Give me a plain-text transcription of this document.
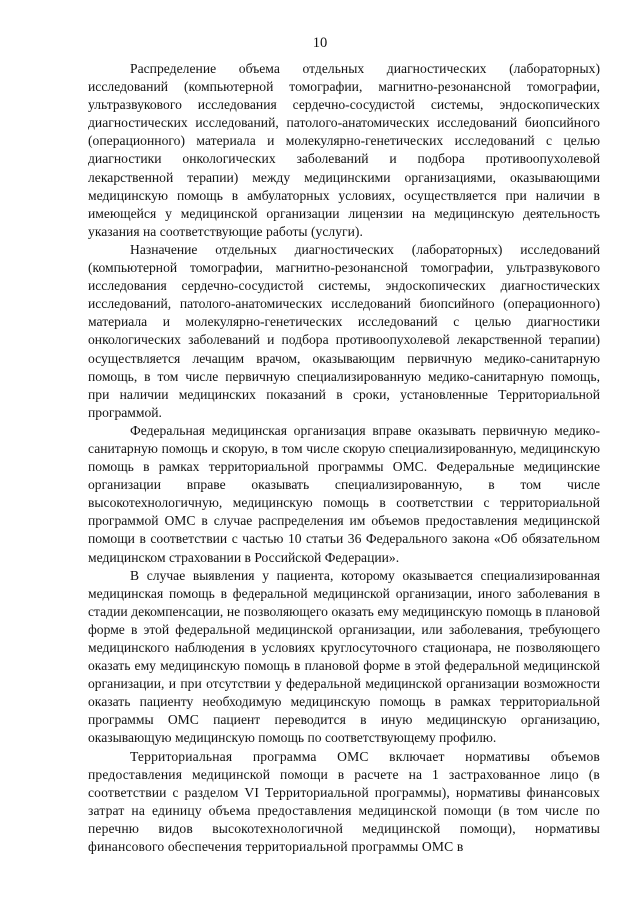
10

Распределение объема отдельных диагностических (лабораторных) исследований (компьютерной томографии, магнитно-резонансной томографии, ультразвукового исследования сердечно-сосудистой системы, эндоскопических диагностических исследований, патолого-анатомических исследований биопсийного (операционного) материала и молекулярно-генетических исследований с целью диагностики онкологических заболеваний и подбора противоопухолевой лекарственной терапии) между медицинскими организациями, оказывающими медицинскую помощь в амбулаторных условиях, осуществляется при наличии в имеющейся у медицинской организации лицензии на медицинскую деятельность указания на соответствующие работы (услуги).

Назначение отдельных диагностических (лабораторных) исследований (компьютерной томографии, магнитно-резонансной томографии, ультразвукового исследования сердечно-сосудистой системы, эндоскопических диагностических исследований, патолого-анатомических исследований биопсийного (операционного) материала и молекулярно-генетических исследований с целью диагностики онкологических заболеваний и подбора противоопухолевой лекарственной терапии) осуществляется лечащим врачом, оказывающим первичную медико-санитарную помощь, в том числе первичную специализированную медико-санитарную помощь, при наличии медицинских показаний в сроки, установленные Территориальной программой.

Федеральная медицинская организация вправе оказывать первичную медико-санитарную помощь и скорую, в том числе скорую специализированную, медицинскую помощь в рамках территориальной программы ОМС. Федеральные медицинские организации вправе оказывать специализированную, в том числе высокотехнологичную, медицинскую помощь в соответствии с территориальной программой ОМС в случае распределения им объемов предоставления медицинской помощи в соответствии с частью 10 статьи 36 Федерального закона «Об обязательном медицинском страховании в Российской Федерации».

В случае выявления у пациента, которому оказывается специализированная медицинская помощь в федеральной медицинской организации, иного заболевания в стадии декомпенсации, не позволяющего оказать ему медицинскую помощь в плановой форме в этой федеральной медицинской организации, или заболевания, требующего медицинского наблюдения в условиях круглосуточного стационара, не позволяющего оказать ему медицинскую помощь в плановой форме в этой федеральной медицинской организации, и при отсутствии у федеральной медицинской организации возможности оказать пациенту необходимую медицинскую помощь в рамках территориальной программы ОМС пациент переводится в иную медицинскую организацию, оказывающую медицинскую помощь по соответствующему профилю.

Территориальная программа ОМС включает нормативы объемов предоставления медицинской помощи в расчете на 1 застрахованное лицо (в соответствии с разделом VI Территориальной программы), нормативы финансовых затрат на единицу объема предоставления медицинской помощи (в том числе по перечню видов высокотехнологичной медицинской помощи), нормативы финансового обеспечения территориальной программы ОМС в
